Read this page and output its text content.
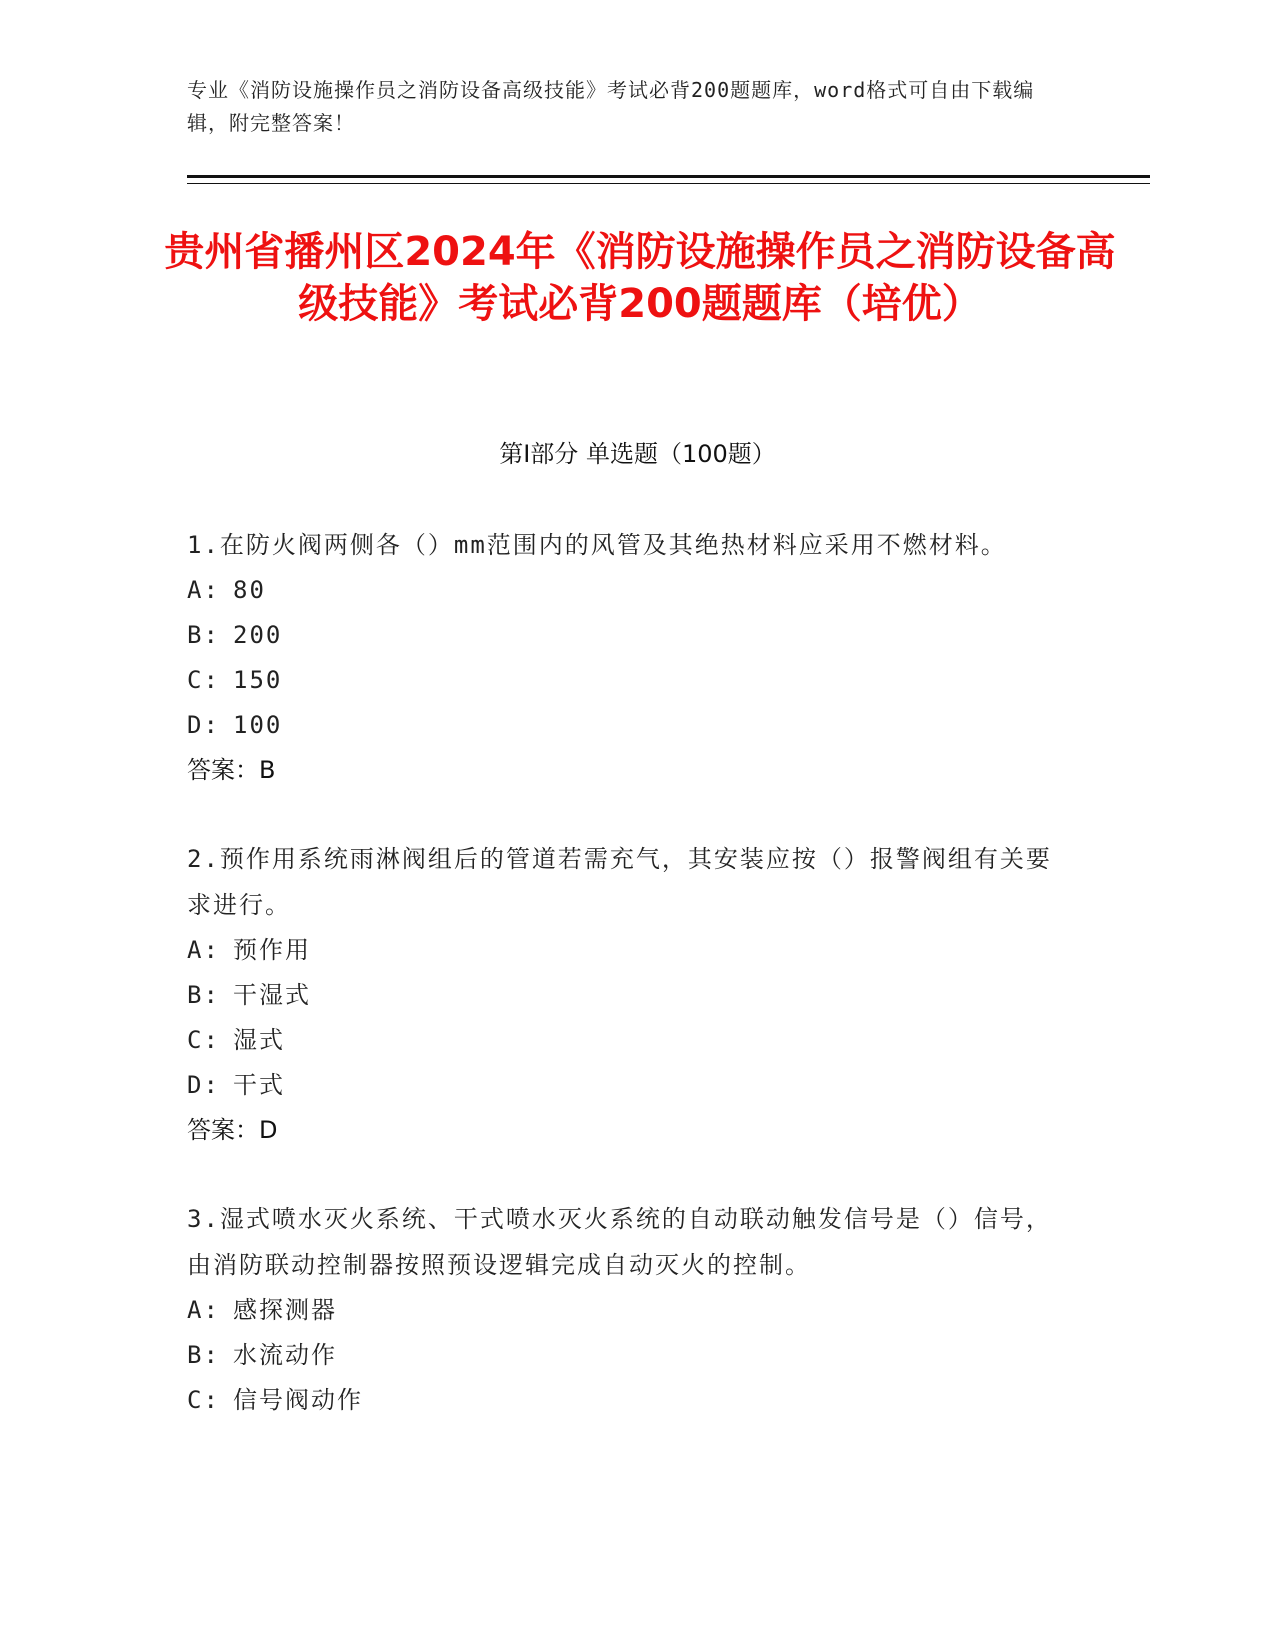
专业《消防设施操作员之消防设备高级技能》考试必背200题题库，word格式可自由下载编辑，附完整答案！
贵州省播州区2024年《消防设施操作员之消防设备高级技能》考试必背200题题库（培优）
第Ⅰ部分 单选题（100题）

1.在防火阀两侧各（）mm范围内的风管及其绝热材料应采用不燃材料。

A: 80

B: 200

C: 150

D: 100

答案：B

2.预作用系统雨淋阀组后的管道若需充气，其安装应按（）报警阀组有关要求进行。

A: 预作用

B: 干湿式

C: 湿式

D: 干式

答案：D

3.湿式喷水灭火系统、干式喷水灭火系统的自动联动触发信号是（）信号，由消防联动控制器按照预设逻辑完成自动灭火的控制。

A: 感探测器

B: 水流动作

C: 信号阀动作
